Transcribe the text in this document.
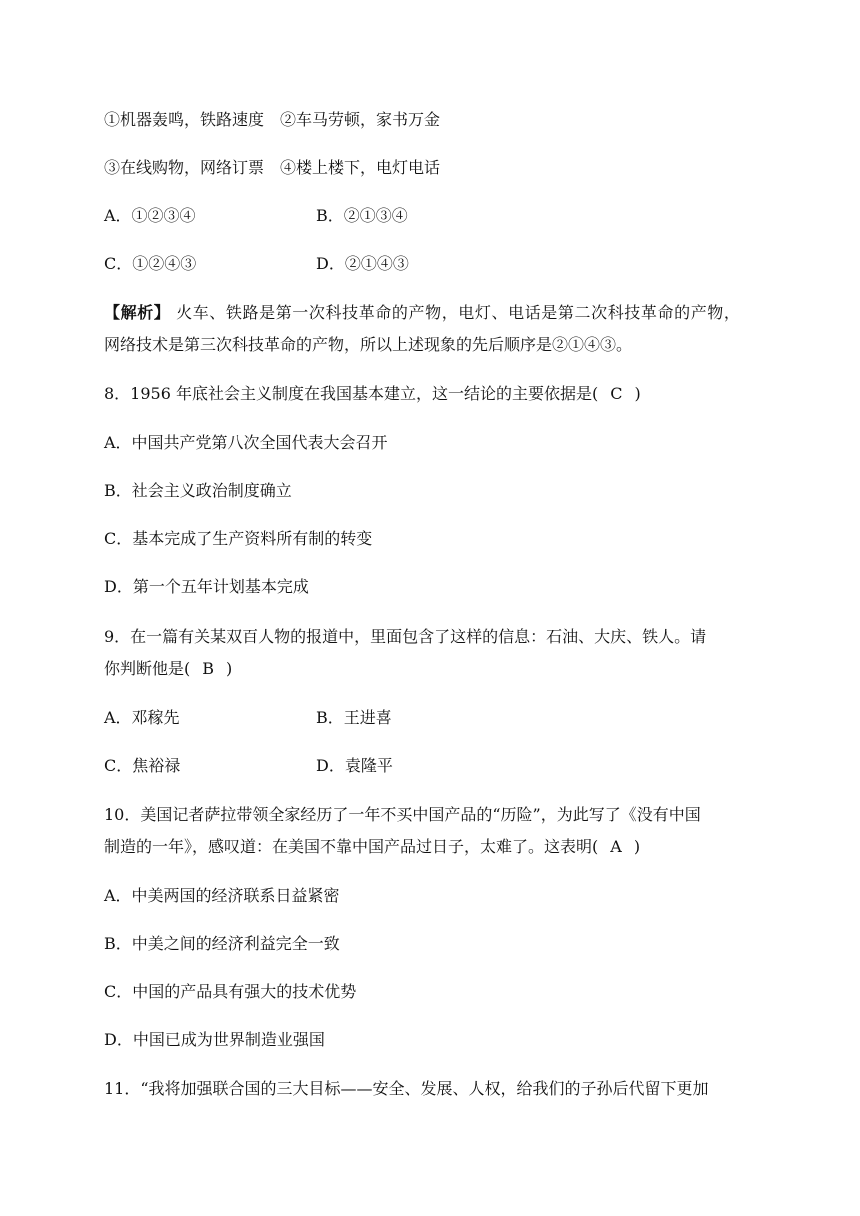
①机器轰鸣，铁路速度 ②车马劳顿，家书万金
③在线购物，网络订票 ④楼上楼下，电灯电话
A．①②③④	B．②①③④
C．①②④③	D．②①④③
【解析】 火车、铁路是第一次科技革命的产物，电灯、电话是第二次科技革命的产物，
网络技术是第三次科技革命的产物，所以上述现象的先后顺序是②①④③。
8．1956 年底社会主义制度在我国基本建立，这一结论的主要依据是( C )
A．中国共产党第八次全国代表大会召开
B．社会主义政治制度确立
C．基本完成了生产资料所有制的转变
D．第一个五年计划基本完成
9．在一篇有关某双百人物的报道中，里面包含了这样的信息：石油、大庆、铁人。请
你判断他是( B )
A．邓稼先	B．王进喜
C．焦裕禄	D．袁隆平
10．美国记者萨拉带领全家经历了一年不买中国产品的“历险”，为此写了《没有中国
制造的一年》，感叹道：在美国不靠中国产品过日子，太难了。这表明( A )
A．中美两国的经济联系日益紧密
B．中美之间的经济利益完全一致
C．中国的产品具有强大的技术优势
D．中国已成为世界制造业强国
11．“我将加强联合国的三大目标——安全、发展、人权，给我们的子孙后代留下更加
